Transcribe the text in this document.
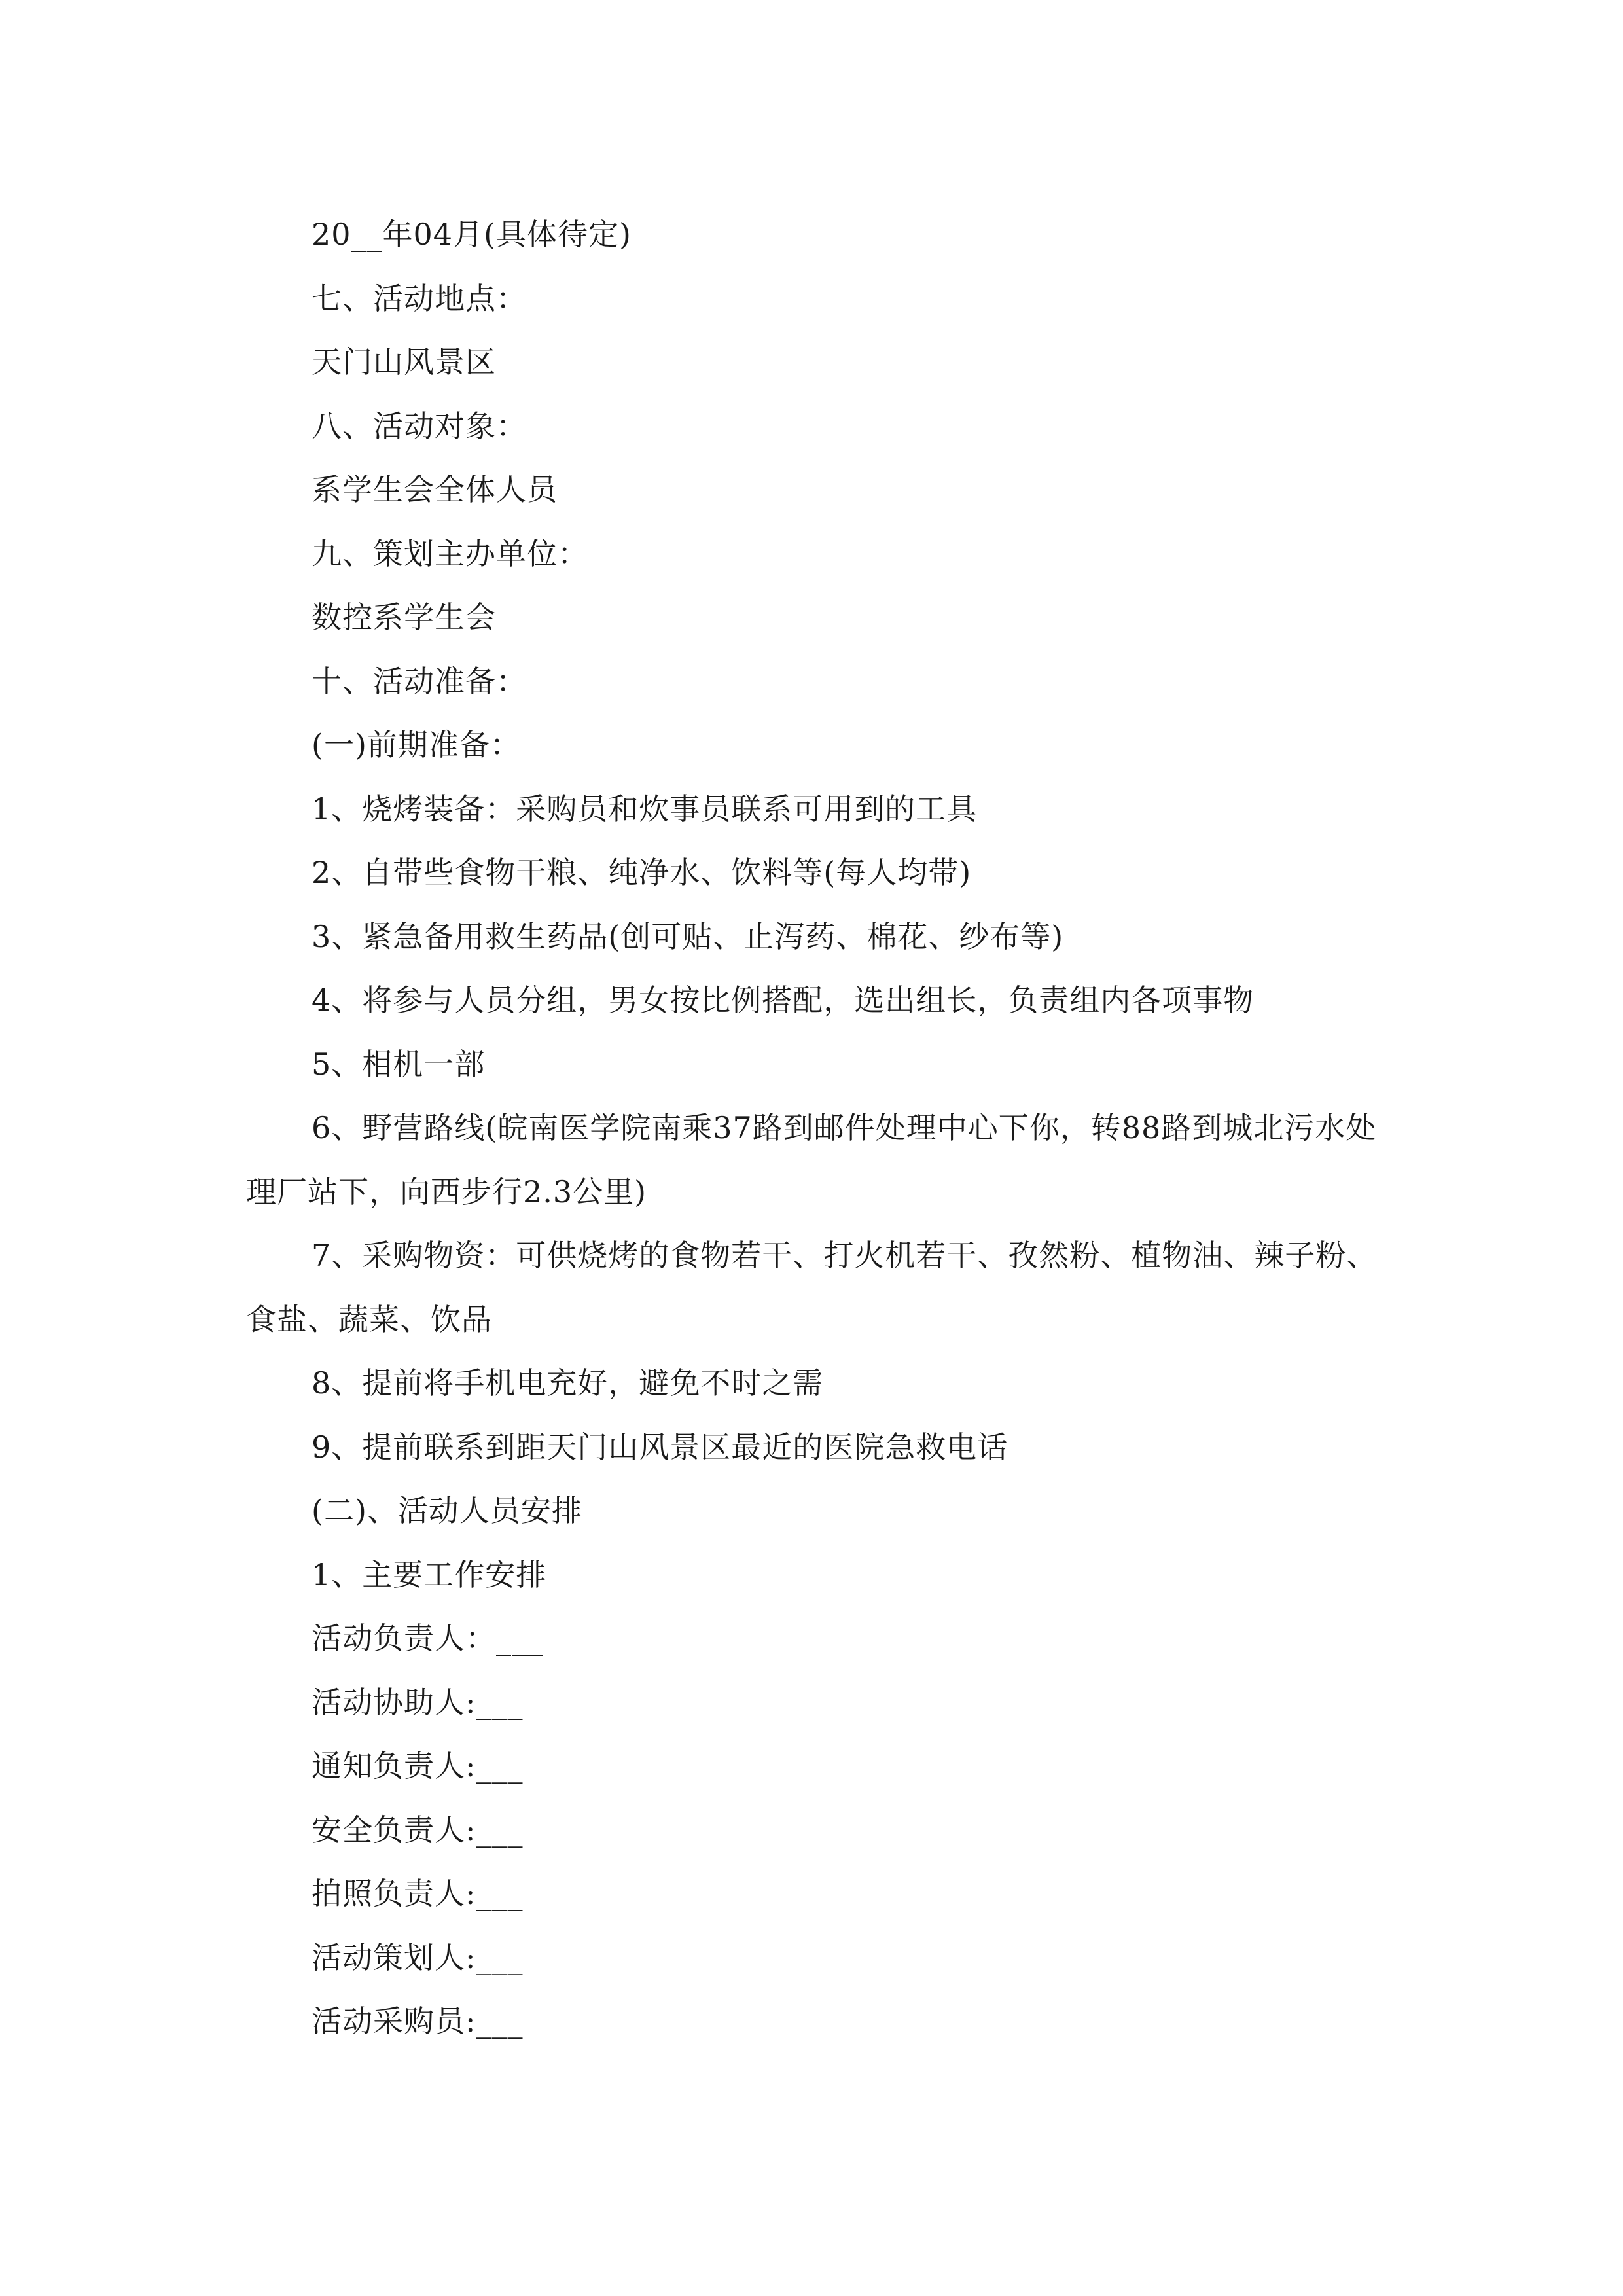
20__年04月(具体待定)

七、活动地点：

天门山风景区

八、活动对象：

系学生会全体人员

九、策划主办单位：

数控系学生会

十、活动准备：

(一)前期准备：

1、烧烤装备：采购员和炊事员联系可用到的工具

2、自带些食物干粮、纯净水、饮料等(每人均带)

3、紧急备用救生药品(创可贴、止泻药、棉花、纱布等)

4、将参与人员分组，男女按比例搭配，选出组长，负责组内各项事物

5、相机一部

6、野营路线(皖南医学院南乘37路到邮件处理中心下你，转88路到城北污水处理厂站下，向西步行2.3公里)

7、采购物资：可供烧烤的食物若干、打火机若干、孜然粉、植物油、辣子粉、食盐、蔬菜、饮品

8、提前将手机电充好，避免不时之需

9、提前联系到距天门山风景区最近的医院急救电话

(二)、活动人员安排

1、主要工作安排

活动负责人：___

活动协助人:___

通知负责人:___

安全负责人:___

拍照负责人:___

活动策划人:___

活动采购员:___
